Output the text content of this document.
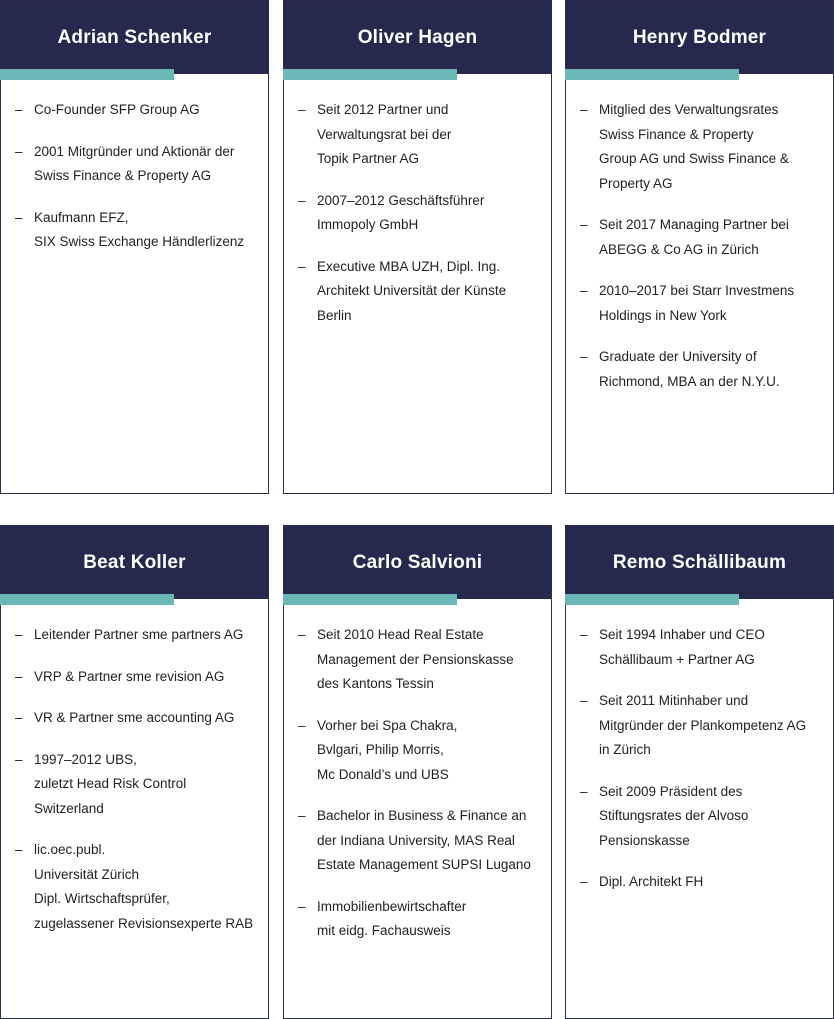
Adrian Schenker
– Co-Founder SFP Group AG
– 2001 Mitgründer und Aktionär der
Swiss Finance & Property AG
– Kaufmann EFZ,
SIX Swiss Exchange Händlerlizenz
Oliver Hagen
– Seit 2012 Partner und
Verwaltungsrat bei der
Topik Partner AG
– 2007–2012 Geschäftsführer
Immopoly GmbH
– Executive MBA UZH, Dipl. Ing.
Architekt Universität der Künste
Berlin
Henry Bodmer
– Mitglied des Verwaltungsrates
Swiss Finance & Property
Group AG und Swiss Finance &
Property AG
– Seit 2017 Managing Partner bei
ABEGG & Co AG in Zürich
– 2010–2017 bei Starr Investmens
Holdings in New York
– Graduate der University of
Richmond, MBA an der N.Y.U.
Beat Koller
– Leitender Partner sme partners AG
– VRP & Partner sme revision AG
– VR & Partner sme accounting AG
– 1997–2012 UBS,
zuletzt Head Risk Control
Switzerland
– lic.oec.publ.
Universität Zürich
Dipl. Wirtschaftsprüfer,
zugelassener Revisionsexperte RAB
Carlo Salvioni
– Seit 2010 Head Real Estate
Management der Pensionskasse
des Kantons Tessin
– Vorher bei Spa Chakra,
Bvlgari, Philip Morris,
Mc Donald’s und UBS
– Bachelor in Business & Finance an
der Indiana University, MAS Real
Estate Management SUPSI Lugano
– Immobilienbewirtschafter
mit eidg. Fachausweis
Remo Schällibaum
– Seit 1994 Inhaber und CEO
Schällibaum + Partner AG
– Seit 2011 Mitinhaber und
Mitgründer der Plankompetenz AG
in Zürich
– Seit 2009 Präsident des
Stiftungsrates der Alvoso
Pensionskasse
– Dipl. Architekt FH
